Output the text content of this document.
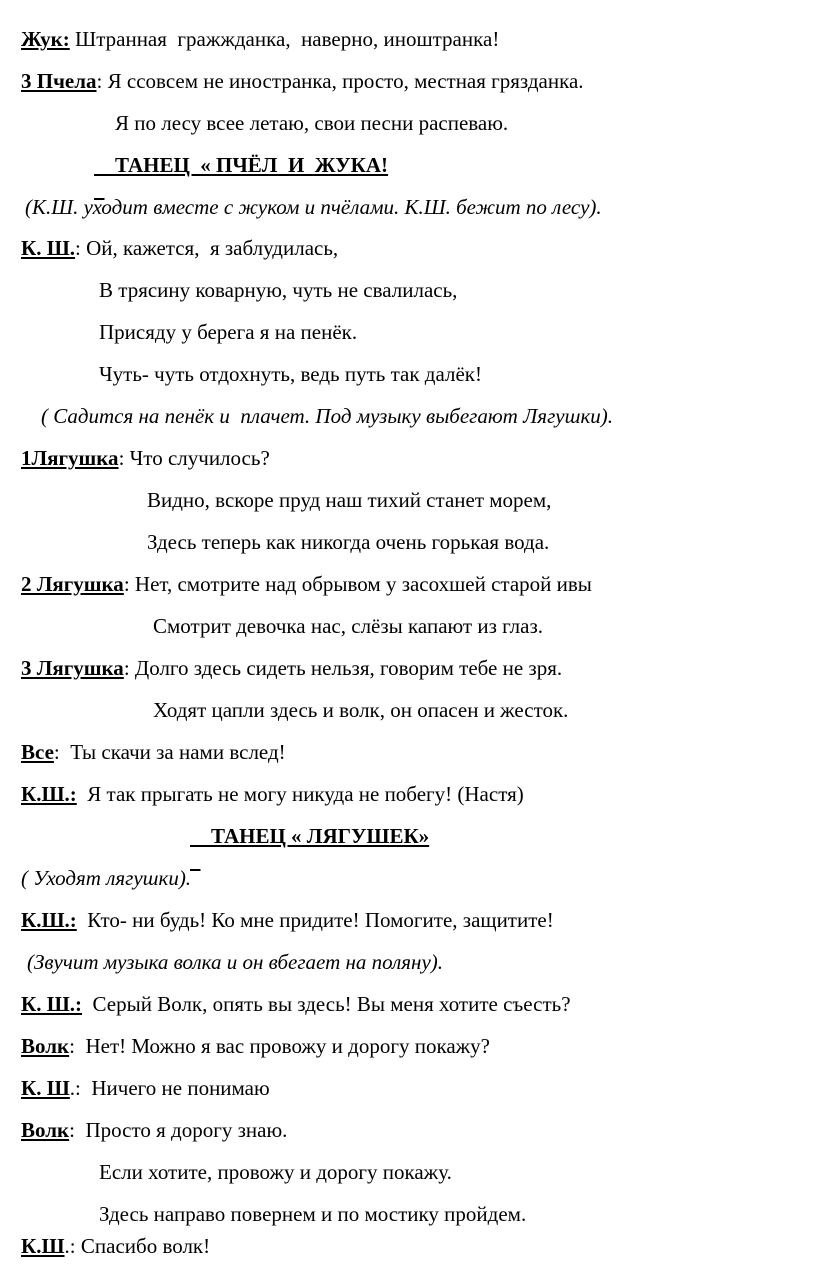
Жук: Штранная  гражжданка,  наверно, иноштранка!

3 Пчела: Я ссовсем не иностранка, просто, местная грязданка.

Я по лесу всее летаю, свои песни распеваю.

ТАНЕЦ  « ПЧЁЛ  И  ЖУКА!

(К.Ш. уходит вместе с жуком и пчёлами. К.Ш. бежит по лесу).

К. Ш.: Ой, кажется,  я заблудилась,

В трясину коварную, чуть не свалилась,

Присяду у берега я на пенёк.

Чуть- чуть отдохнуть, ведь путь так далёк!

( Садится на пенёк и  плачет. Под музыку выбегают Лягушки).

1Лягушка: Что случилось?

Видно, вскоре пруд наш тихий станет морем,

Здесь теперь как никогда очень горькая вода.

2 Лягушка: Нет, смотрите над обрывом у засохшей старой ивы

Смотрит девочка нас, слёзы капают из глаз.

3 Лягушка: Долго здесь сидеть нельзя, говорим тебе не зря.

Ходят цапли здесь и волк, он опасен и жесток.

Все:  Ты скачи за нами вслед!

К.Ш.: Я так прыгать не могу никуда не побегу! (Настя)

ТАНЕЦ « ЛЯГУШЕК»

( Уходят лягушки).

К.Ш.: Кто- ни будь! Ко мне придите! Помогите, защитите!

(Звучит музыка волка и он вбегает на поляну).

К. Ш.: Серый Волк, опять вы здесь! Вы меня хотите съесть?

Волк:  Нет! Можно я вас провожу и дорогу покажу?

К. Ш.:  Ничего не понимаю

Волк:  Просто я дорогу знаю.

Если хотите, провожу и дорогу покажу.

Здесь направо повернем и по мостику пройдем.

К.Ш.: Спасибо волк!
